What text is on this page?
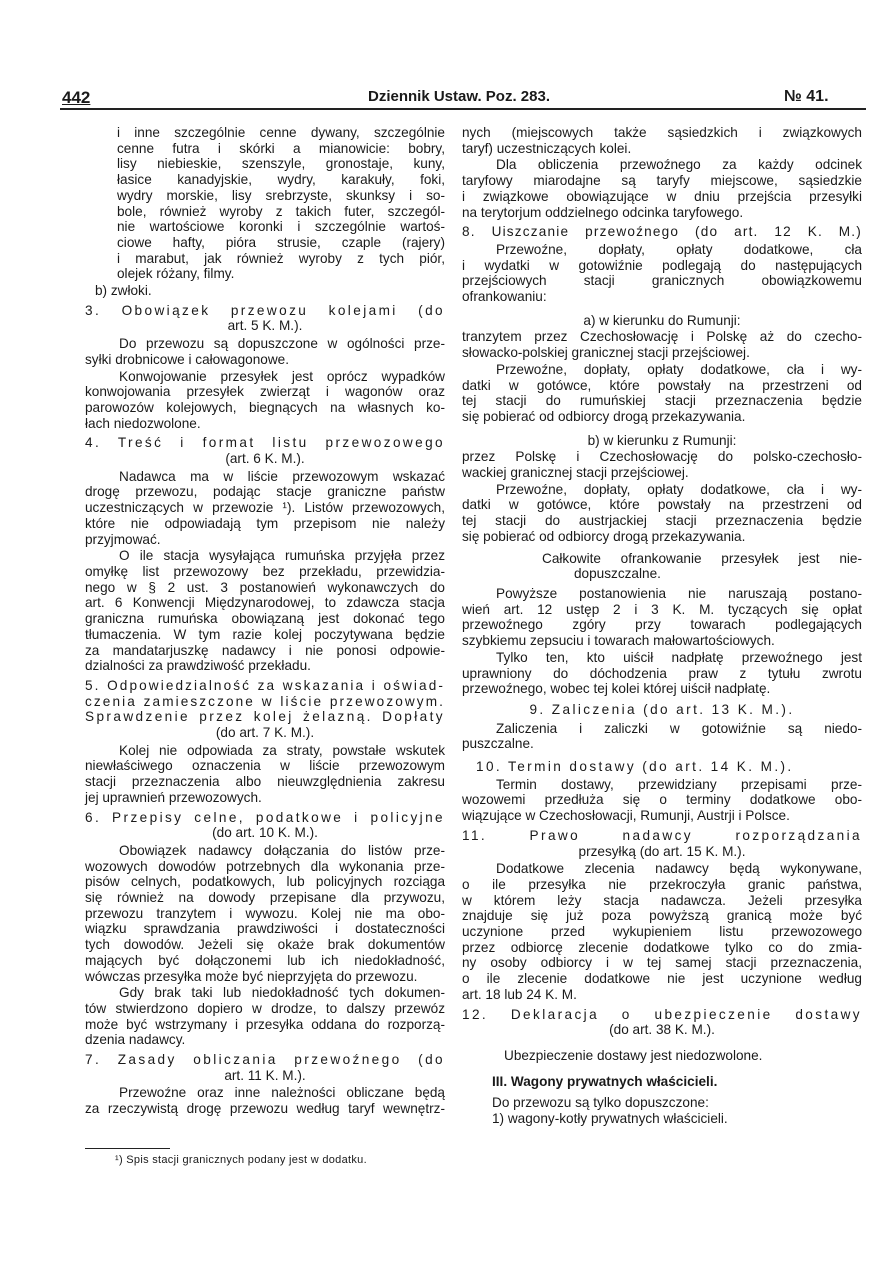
442	Dziennik Ustaw. Poz. 283.	№ 41.
i inne szczególnie cenne dywany, szczególnie
cenne futra i skórki a mianowicie: bobry,
lisy niebieskie, szenszyle, gronostaje, kuny,
łasice kanadyjskie, wydry, karakuły, foki,
wydry morskie, lisy srebrzyste, skunksy i so-
bole, również wyroby z takich futer, szczegól-
nie wartościowe koronki i szczególnie wartoś-
ciowe hafty, pióra strusie, czaple (rajery)
i marabut, jak również wyroby z tych piór,
olejek różany, filmy.
b) zwłoki.
3. Obowiązek przewozu kolejami (do
art. 5 K. M.).
Do przewozu są dopuszczone w ogólności prze-
syłki drobnicowe i całowagonowe.
Konwojowanie przesyłek jest oprócz wypadków
konwojowania przesyłek zwierząt i wagonów oraz
parowozów kolejowych, biegnących na własnych ko-
łach niedozwolone.
4. Treść i format listu przewozowego
(art. 6 K. M.).
Nadawca ma w liście przewozowym wskazać
drogę przewozu, podając stacje graniczne państw
uczestniczących w przewozie ¹). Listów przewozowych,
które nie odpowiadają tym przepisom nie należy
przyjmować.
O ile stacja wysyłająca rumuńska przyjęła przez
omyłkę list przewozowy bez przekładu, przewidzia-
nego w § 2 ust. 3 postanowień wykonawczych do
art. 6 Konwencji Międzynarodowej, to zdawcza stacja
graniczna rumuńska obowiązaną jest dokonać tego
tłumaczenia. W tym razie kolej poczytywana będzie
za mandatarjuszkę nadawcy i nie ponosi odpowie-
dzialności za prawdziwość przekładu.
5. Odpowiedzialność za wskazania i oświad-
czenia zamieszczone w liście przewozowym.
Sprawdzenie przez kolej żelazną. Dopłaty
(do art. 7 K. M.).
Kolej nie odpowiada za straty, powstałe wskutek
niewłaściwego oznaczenia w liście przewozowym
stacji przeznaczenia albo nieuwzględnienia zakresu
jej uprawnień przewozowych.
6. Przepisy celne, podatkowe i policyjne
(do art. 10 K. M.).
Obowiązek nadawcy dołączania do listów prze-
wozowych dowodów potrzebnych dla wykonania prze-
pisów celnych, podatkowych, lub policyjnych rozciąga
się również na dowody przepisane dla przywozu,
przewozu tranzytem i wywozu. Kolej nie ma obo-
wiązku sprawdzania prawdziwości i dostateczności
tych dowodów. Jeżeli się okaże brak dokumentów
mających być dołączonemi lub ich niedokładność,
wówczas przesyłka może być nieprzyjęta do przewozu.
Gdy brak taki lub niedokładność tych dokumen-
tów stwierdzono dopiero w drodze, to dalszy przewóz
może być wstrzymany i przesyłka oddana do rozporzą-
dzenia nadawcy.
7. Zasady obliczania przewoźnego (do
art. 11 K. M.).
Przewoźne oraz inne należności obliczane będą
za rzeczywistą drogę przewozu według taryf wewnętrz-
nych (miejscowych także sąsiedzkich i związkowych
taryf) uczestniczących kolei.
Dla obliczenia przewoźnego za każdy odcinek
taryfowy miarodajne są taryfy miejscowe, sąsiedzkie
i związkowe obowiązujące w dniu przejścia przesyłki
na terytorjum oddzielnego odcinka taryfowego.
8. Uiszczanie przewoźnego (do art. 12 K. M.)
Przewoźne, dopłaty, opłaty dodatkowe, cła
i wydatki w gotowiźnie podlegają do następujących
przejściowych stacji granicznych obowiązkowemu
ofrankowaniu:
a) w kierunku do Rumunji:
tranzytem przez Czechosłowację i Polskę aż do czecho-
słowacko-polskiej granicznej stacji przejściowej.
Przewoźne, dopłaty, opłaty dodatkowe, cła i wy-
datki w gotówce, które powstały na przestrzeni od
tej stacji do rumuńskiej stacji przeznaczenia będzie
się pobierać od odbiorcy drogą przekazywania.
b) w kierunku z Rumunji:
przez Polskę i Czechosłowację do polsko-czechosło-
wackiej granicznej stacji przejściowej.
Przewoźne, dopłaty, opłaty dodatkowe, cła i wy-
datki w gotówce, które powstały na przestrzeni od
tej stacji do austrjackiej stacji przeznaczenia będzie
się pobierać od odbiorcy drogą przekazywania.
Całkowite ofrankowanie przesyłek jest nie-
dopuszczalne.
Powyższe postanowienia nie naruszają postano-
wień art. 12 ustęp 2 i 3 K. M. tyczących się opłat
przewoźnego zgóry przy towarach podlegających
szybkiemu zepsuciu i towarach małowartościowych.
Tylko ten, kto uiścił nadpłatę przewoźnego jest
uprawniony do dóchodzenia praw z tytułu zwrotu
przewoźnego, wobec tej kolei której uiścił nadpłatę.
9. Zaliczenia (do art. 13 K. M.).
Zaliczenia i zaliczki w gotowiźnie są niedo-
puszczalne.
10. Termin dostawy (do art. 14 K. M.).
Termin dostawy, przewidziany przepisami prze-
wozowemi przedłuża się o terminy dodatkowe obo-
wiązujące w Czechosłowacji, Rumunji, Austrji i Polsce.
11. Prawo nadawcy rozporządzania
przesyłką (do art. 15 K. M.).
Dodatkowe zlecenia nadawcy będą wykonywane,
o ile przesyłka nie przekroczyła granic państwa,
w którem leży stacja nadawcza. Jeżeli przesyłka
znajduje się już poza powyższą granicą może być
uczynione przed wykupieniem listu przewozowego
przez odbiorcę zlecenie dodatkowe tylko co do zmia-
ny osoby odbiorcy i w tej samej stacji przeznaczenia,
o ile zlecenie dodatkowe nie jest uczynione według
art. 18 lub 24 K. M.
12. Deklaracja o ubezpieczenie dostawy
(do art. 38 K. M.).
Ubezpieczenie dostawy jest niedozwolone.
III. Wagony prywatnych właścicieli.
Do przewozu są tylko dopuszczone:
1) wagony-kotły prywatnych właścicieli.
¹) Spis stacji granicznych podany jest w dodatku.
